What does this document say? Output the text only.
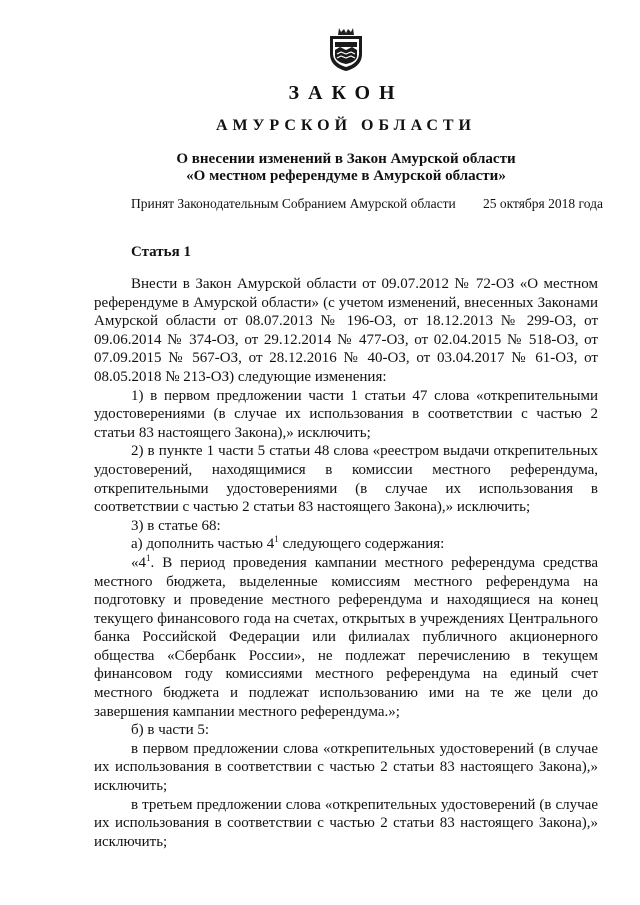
ЗАКОН
АМУРСКОЙ ОБЛАСТИ
О внесении изменений в Закон Амурской области
«О местном референдуме в Амурской области»
Принят Законодательным Собранием Амурской области 25 октября 2018 года
Статья 1

Внести в Закон Амурской области от 09.07.2012 № 72-ОЗ «О местном референдуме в Амурской области» (с учетом изменений, внесенных Законами Амурской области от 08.07.2013 № 196-ОЗ, от 18.12.2013 № 299-ОЗ, от 09.06.2014 № 374-ОЗ, от 29.12.2014 № 477-ОЗ, от 02.04.2015 № 518-ОЗ, от 07.09.2015 № 567-ОЗ, от 28.12.2016 № 40-ОЗ, от 03.04.2017 № 61-ОЗ, от 08.05.2018 № 213-ОЗ) следующие изменения:

1) в первом предложении части 1 статьи 47 слова «открепительными удостоверениями (в случае их использования в соответствии с частью 2 статьи 83 настоящего Закона),» исключить;

2) в пункте 1 части 5 статьи 48 слова «реестром выдачи открепительных удостоверений, находящимися в комиссии местного референдума, открепительными удостоверениями (в случае их использования в соответствии с частью 2 статьи 83 настоящего Закона),» исключить;

3) в статье 68:

а) дополнить частью $4^1$ следующего содержания:

«$4^1$. В период проведения кампании местного референдума средства местного бюджета, выделенные комиссиям местного референдума на подготовку и проведение местного референдума и находящиеся на конец текущего финансового года на счетах, открытых в учреждениях Центрального банка Российской Федерации или филиалах публичного акционерного общества «Сбербанк России», не подлежат перечислению в текущем финансовом году комиссиями местного референдума на единый счет местного бюджета и подлежат использованию ими на те же цели до завершения кампании местного референдума.»;

б) в части 5:

в первом предложении слова «открепительных удостоверений (в случае их использования в соответствии с частью 2 статьи 83 настоящего Закона),» исключить;

в третьем предложении слова «открепительных удостоверений (в случае их использования в соответствии с частью 2 статьи 83 настоящего Закона),» исключить;
